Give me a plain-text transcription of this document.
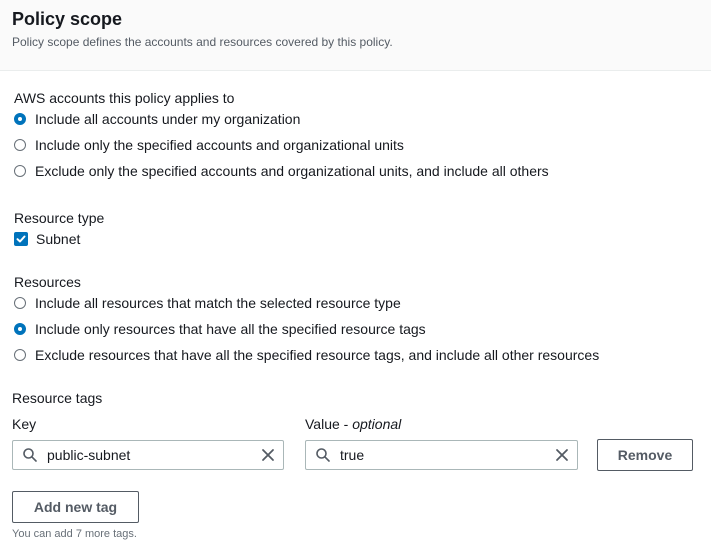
Policy scope
Policy scope defines the accounts and resources covered by this policy.
AWS accounts this policy applies to
Include all accounts under my organization
Include only the specified accounts and organizational units
Exclude only the specified accounts and organizational units, and include all others
Resource type
Subnet
Resources
Include all resources that match the selected resource type
Include only resources that have all the specified resource tags
Exclude resources that have all the specified resource tags, and include all other resources
Resource tags
Key	Value - optional
public-subnet	true	Remove
Add new tag
You can add 7 more tags.
